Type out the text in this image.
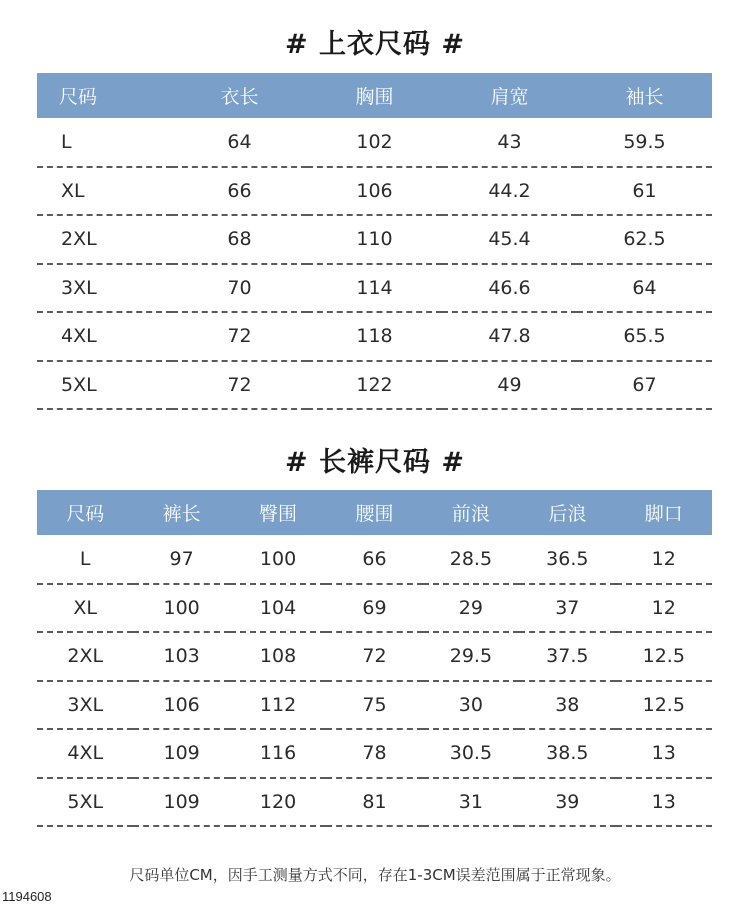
# 上衣尺码 #
尺码	衣长	胸围	肩宽	袖长
L	64	102	43	59.5
XL	66	106	44.2	61
2XL	68	110	45.4	62.5
3XL	70	114	46.6	64
4XL	72	118	47.8	65.5
5XL	72	122	49	67
# 长裤尺码 #
尺码	裤长	臀围	腰围	前浪	后浪	脚口
L	97	100	66	28.5	36.5	12
XL	100	104	69	29	37	12
2XL	103	108	72	29.5	37.5	12.5
3XL	106	112	75	30	38	12.5
4XL	109	116	78	30.5	38.5	13
5XL	109	120	81	31	39	13
尺码单位CM，因手工测量方式不同，存在1-3CM误差范围属于正常现象。
1194608
